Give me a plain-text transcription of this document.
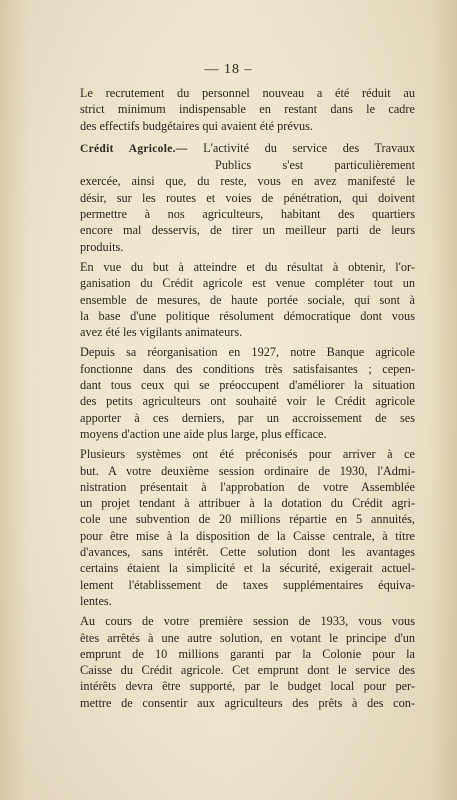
— 18 –
Le recrutement du personnel nouveau a été réduit au
strict minimum indispensable en restant dans le cadre
des effectifs budgétaires qui avaient été prévus.
Crédit Agricole.— L'activité du service des Travaux
Publics s'est particulièrement
exercée, ainsi que, du reste, vous en avez manifesté le
désir, sur les routes et voies de pénétration, qui doivent
permettre à nos agriculteurs, habitant des quartiers
encore mal desservis, de tirer un meilleur parti de leurs
produits.
En vue du but à atteindre et du résultat à obtenir, l'or-
ganisation du Crédit agricole est venue compléter tout un
ensemble de mesures, de haute portée sociale, qui sont à
la base d'une politique résolument démocratique dont vous
avez été les vigilants animateurs.
Depuis sa réorganisation en 1927, notre Banque agricole
fonctionne dans des conditions très satisfaisantes ; cepen-
dant tous ceux qui se préoccupent d'améliorer la situation
des petits agriculteurs ont souhaité voir le Crédit agricole
apporter à ces derniers, par un accroissement de ses
moyens d'action une aide plus large, plus efficace.
Plusieurs systèmes ont été préconisés pour arriver à ce
but. A votre deuxième session ordinaire de 1930, l'Admi-
nistration présentait à l'approbation de votre Assemblée
un projet tendant à attribuer à la dotation du Crédit agri-
cole une subvention de 20 millions répartie en 5 annuités,
pour être mise à la disposition de la Caisse centrale, à titre
d'avances, sans intérêt. Cette solution dont les avantages
certains étaient la simplicité et la sécurité, exigerait actuel-
lement l'établissement de taxes supplémentaires équiva-
lentes.
Au cours de votre première session de 1933, vous vous
êtes arrêtés à une autre solution, en votant le principe d'un
emprunt de 10 millions garanti par la Colonie pour la
Caisse du Crédit agricole. Cet emprunt dont le service des
intérêts devra être supporté, par le budget local pour per-
mettre de consentir aux agriculteurs des prêts à des con-
